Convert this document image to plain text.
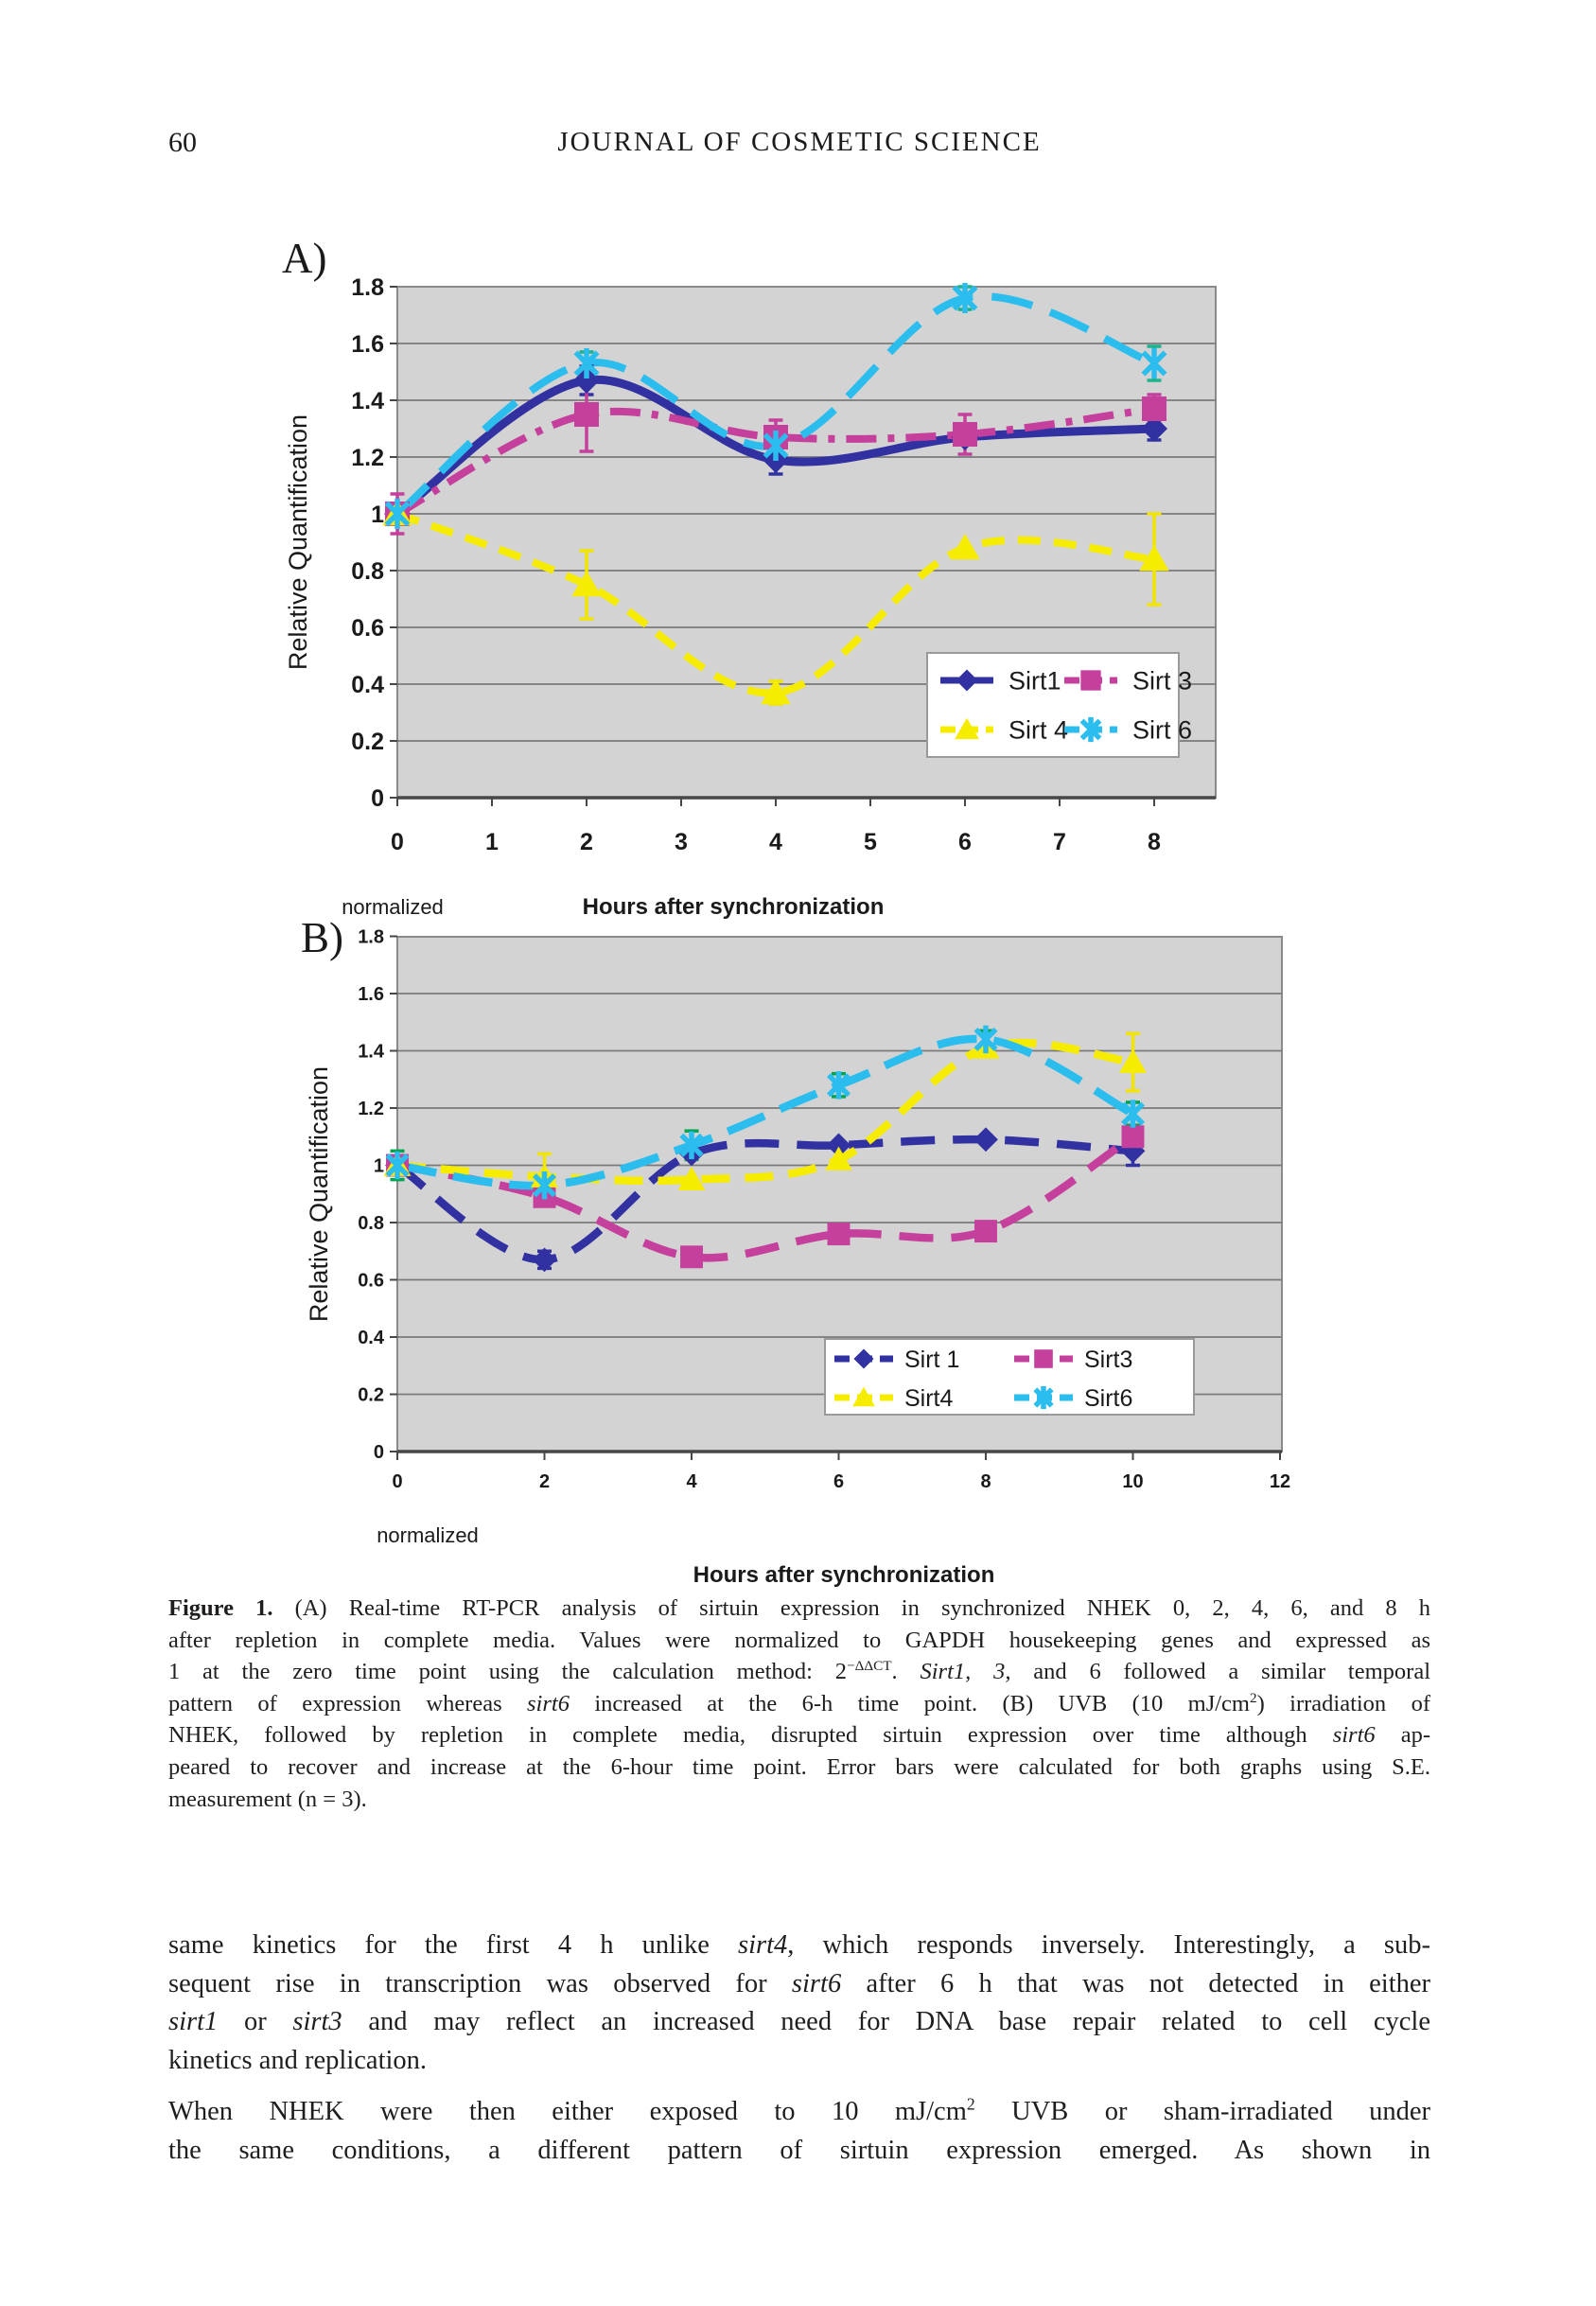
60	JOURNAL OF COSMETIC SCIENCE
1.8
1.6
1.4
1.2
1
0.8
0.6
0.4
0.2
0
0	1	2	3	4	5	6	7	8
Sirt1	Sirt 3
Sirt 4	Sirt 6
A)
Relative Quantification
normalized	Hours after synchronization
1.8
1.6
1.4
1.2
1
0.8
0.6
0.4
0.2
0
0	2	4	6	8	10	12
Sirt 1	Sirt3
Sirt4	Sirt6
B)
Relative Quantification
normalized
Hours after synchronization
Figure 1. (A) Real-time RT-PCR analysis of sirtuin expression in synchronized NHEK 0, 2, 4, 6, and 8 h
after repletion in complete media. Values were normalized to GAPDH housekeeping genes and expressed as
1 at the zero time point using the calculation method: $2^{-\Delta\Delta CT}$. Sirt1, 3, and 6 followed a similar temporal
pattern of expression whereas sirt6 increased at the 6-h time point. (B) UVB (10 $mJ/cm^2$) irradiation of
NHEK, followed by repletion in complete media, disrupted sirtuin expression over time although sirt6 ap-
peared to recover and increase at the 6-hour time point. Error bars were calculated for both graphs using S.E.
measurement (n = 3).
same kinetics for the first 4 h unlike sirt4, which responds inversely. Interestingly, a sub-
sequent rise in transcription was observed for sirt6 after 6 h that was not detected in either
sirt1 or sirt3 and may reflect an increased need for DNA base repair related to cell cycle
kinetics and replication.
When NHEK were then either exposed to 10 $mJ/cm^2$ UVB or sham-irradiated under
the same conditions, a different pattern of sirtuin expression emerged. As shown in
